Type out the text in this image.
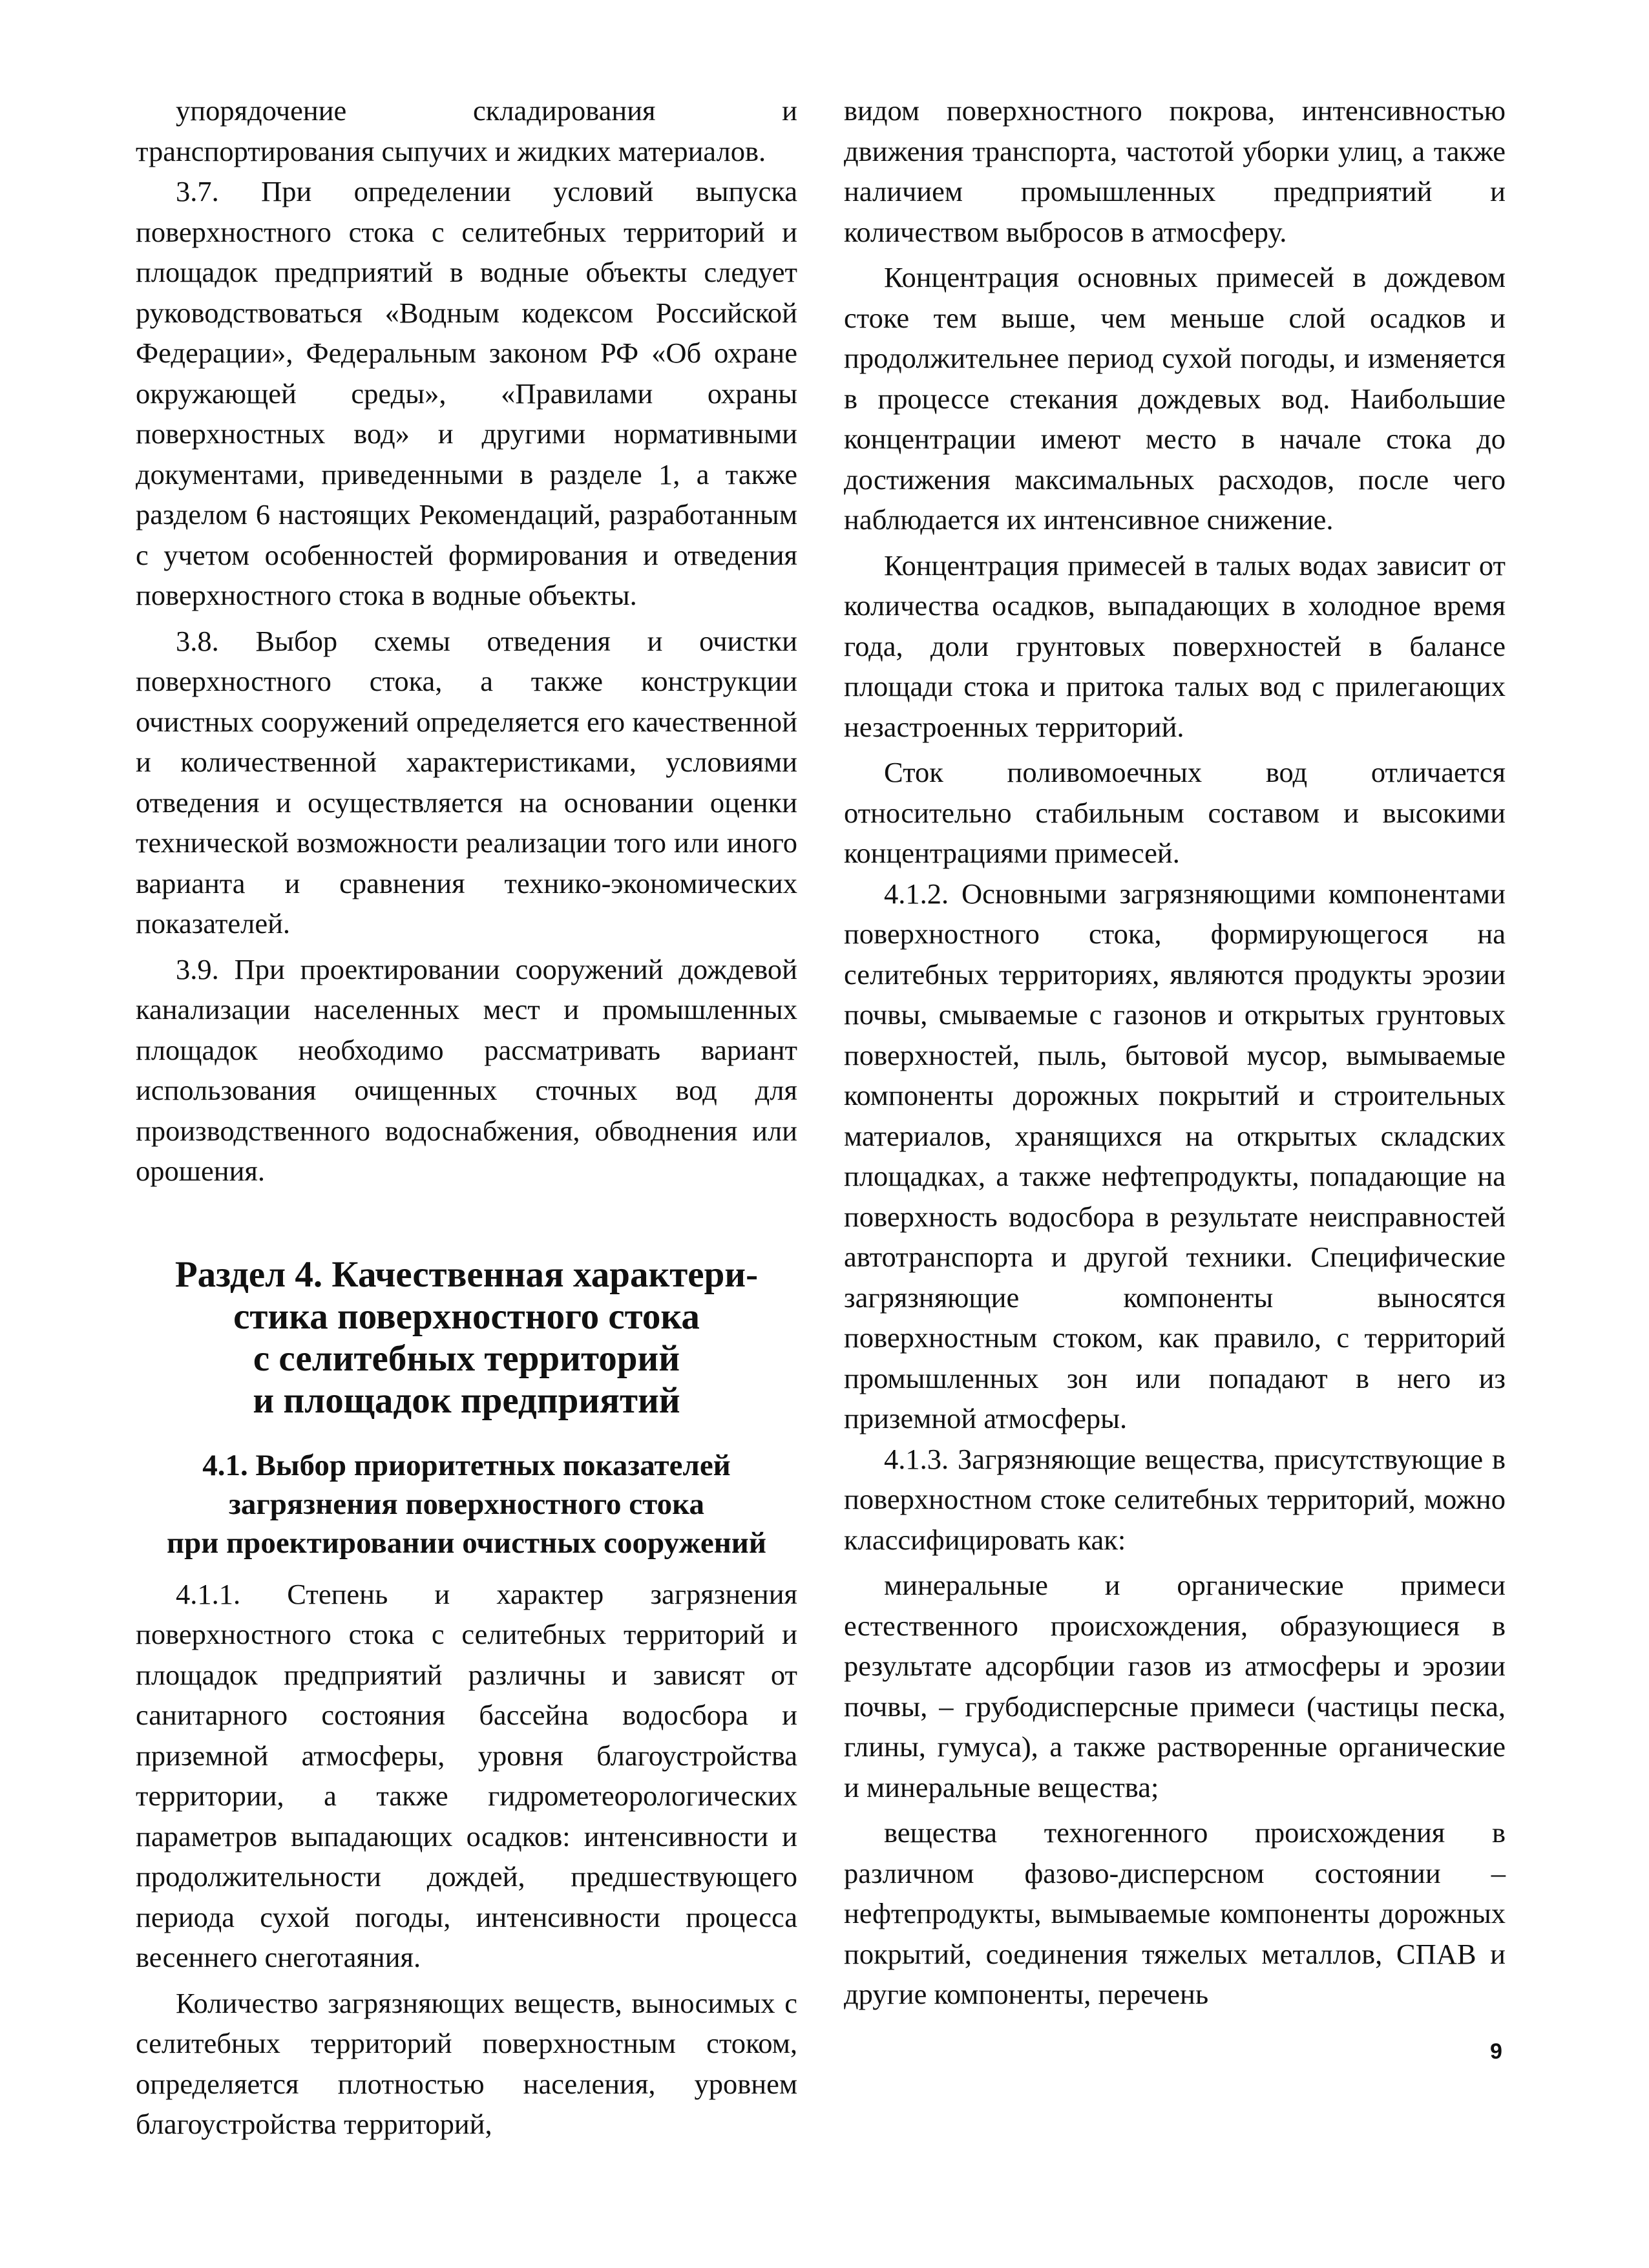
упорядочение складирования и транспортирования сыпучих и жидких материалов.

3.7. При определении условий выпуска поверхностного стока с селитебных территорий и площадок предприятий в водные объекты следует руководствоваться «Водным кодексом Российской Федерации», Федеральным законом РФ «Об охране окружающей среды», «Правилами охраны поверхностных вод» и другими нормативными документами, приведенными в разделе 1, а также разделом 6 настоящих Рекомендаций, разработанным с учетом особенностей формирования и отведения поверхностного стока в водные объекты.

3.8. Выбор схемы отведения и очистки поверхностного стока, а также конструкции очистных сооружений определяется его качественной и количественной характеристиками, условиями отведения и осуществляется на основании оценки технической возможности реализации того или иного варианта и сравнения технико-экономических показателей.

3.9. При проектировании сооружений дождевой канализации населенных мест и промышленных площадок необходимо рассматривать вариант использования очищенных сточных вод для производственного водоснабжения, обводнения или орошения.

Раздел 4. Качественная характери-
стика поверхностного стока
с селитебных территорий
и площадок предприятий
4.1. Выбор приоритетных показателей
загрязнения поверхностного стока
при проектировании очистных сооружений

4.1.1. Степень и характер загрязнения поверхностного стока с селитебных территорий и площадок предприятий различны и зависят от санитарного состояния бассейна водосбора и приземной атмосферы, уровня благоустройства территории, а также гидрометеорологических параметров выпадающих осадков: интенсивности и продолжительности дождей, предшествующего периода сухой погоды, интенсивности процесса весеннего снеготаяния.

Количество загрязняющих веществ, выносимых с селитебных территорий поверхностным стоком, определяется плотностью населения, уровнем благоустройства территорий,

видом поверхностного покрова, интенсивностью движения транспорта, частотой уборки улиц, а также наличием промышленных предприятий и количеством выбросов в атмосферу.

Концентрация основных примесей в дождевом стоке тем выше, чем меньше слой осадков и продолжительнее период сухой погоды, и изменяется в процессе стекания дождевых вод. Наибольшие концентрации имеют место в начале стока до достижения максимальных расходов, после чего наблюдается их интенсивное снижение.

Концентрация примесей в талых водах зависит от количества осадков, выпадающих в холодное время года, доли грунтовых поверхностей в балансе площади стока и притока талых вод с прилегающих незастроенных территорий.

Сток поливомоечных вод отличается относительно стабильным составом и высокими концентрациями примесей.

4.1.2. Основными загрязняющими компонентами поверхностного стока, формирующегося на селитебных территориях, являются продукты эрозии почвы, смываемые с газонов и открытых грунтовых поверхностей, пыль, бытовой мусор, вымываемые компоненты дорожных покрытий и строительных материалов, хранящихся на открытых складских площадках, а также нефтепродукты, попадающие на поверхность водосбора в результате неисправностей автотранспорта и другой техники. Специфические загрязняющие компоненты выносятся поверхностным стоком, как правило, с территорий промышленных зон или попадают в него из приземной атмосферы.

4.1.3. Загрязняющие вещества, присутствующие в поверхностном стоке селитебных территорий, можно классифицировать как:

минеральные и органические примеси естественного происхождения, образующиеся в результате адсорбции газов из атмосферы и эрозии почвы, – грубодисперсные примеси (частицы песка, глины, гумуса), а также растворенные органические и минеральные вещества;

вещества техногенного происхождения в различном фазово-дисперсном состоянии – нефтепродукты, вымываемые компоненты дорожных покрытий, соединения тяжелых металлов, СПАВ и другие компоненты, перечень

9
